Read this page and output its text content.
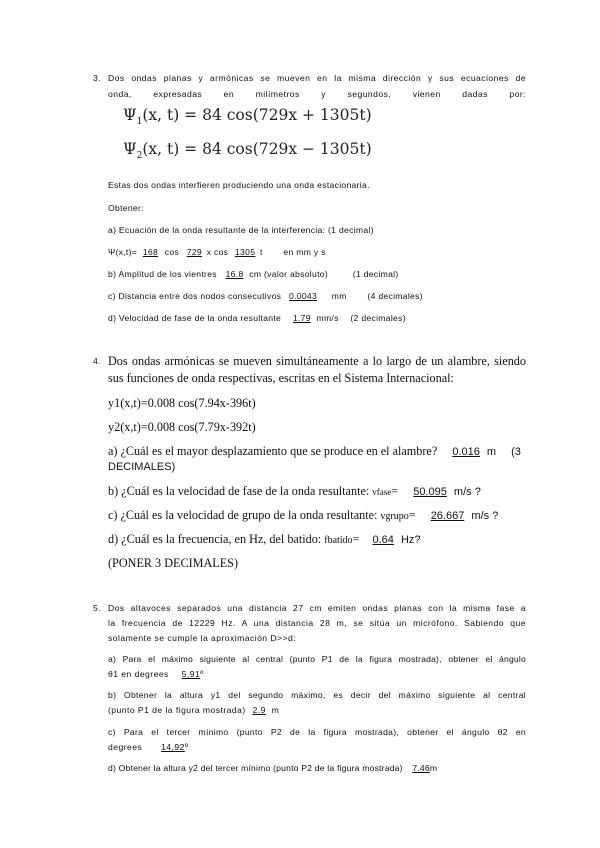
3. Dos ondas planas y armónicas se mueven en la misma dirección y sus ecuaciones de
onda, expresadas en milímetros y segundos, vienen dadas por:
$\Psi_1(x$, t) = 84 cos(729x + 1305t)
$\Psi_2(x$, t) = 84 cos(729x − 1305t)
Estas dos ondas interfieren produciendo una onda estacionaria.
Obtener:
a) Ecuación de la onda resultante de la interferencia: (1 decimal)
Ψ(x,t)= 168 cos 729 x cos 1305 t en mm y s
b) Amplitud de los vientres 16.8 cm (valor absoluto)	(1 decimal)
c) Distancia entre dos nodos consecutivos 0.0043 mm (4 decimales)
d) Velocidad de fase de la onda resultante 1.79 mm/s (2 decimales)
4. Dos ondas armónicas se mueven simultáneamente a lo largo de un alambre, siendo
sus funciones de onda respectivas, escritas en el Sistema Internacional:
y1(x,t)=0.008 cos(7.94x-396t)
y2(x,t)=0.008 cos(7.79x-392t)
a) ¿Cuál es el mayor desplazamiento que se produce en el alambre? 0.016 m (3
DECIMALES)
b) ¿Cuál es la velocidad de fase de la onda resultante: vfase= 50.095 m/s ?
c) ¿Cuál es la velocidad de grupo de la onda resultante: vgrupo= 26.667 m/s ?
d) ¿Cuál es la frecuencia, en Hz, del batido: fbatido= 0.64 Hz?
(PONER 3 DECIMALES)
5. Dos altavoces separados una distancia 27 cm emiten ondas planas con la misma fase a
la frecuencia de 12229 Hz. A una distancia 28 m, se sitúa un micrófono. Sabiendo que
solamente se cumple la aproximación D>>d:
a) Para el máximo siguiente al central (punto P1 de la figura mostrada), obtener el ángulo
θ1 en degrees 5,91º
b) Obtener la altura y1 del segundo máximo, es decir del máximo siguiente al central
(punto P1 de la figura mostrada) 2.9 m
c) Para el tercer mínimo (punto P2 de la figura mostrada), obtener el ángulo θ2 en
degrees 14,92º
d) Obtener la altura y2 del tercer mínimo (punto P2 de la figura mostrada) 7.46m
